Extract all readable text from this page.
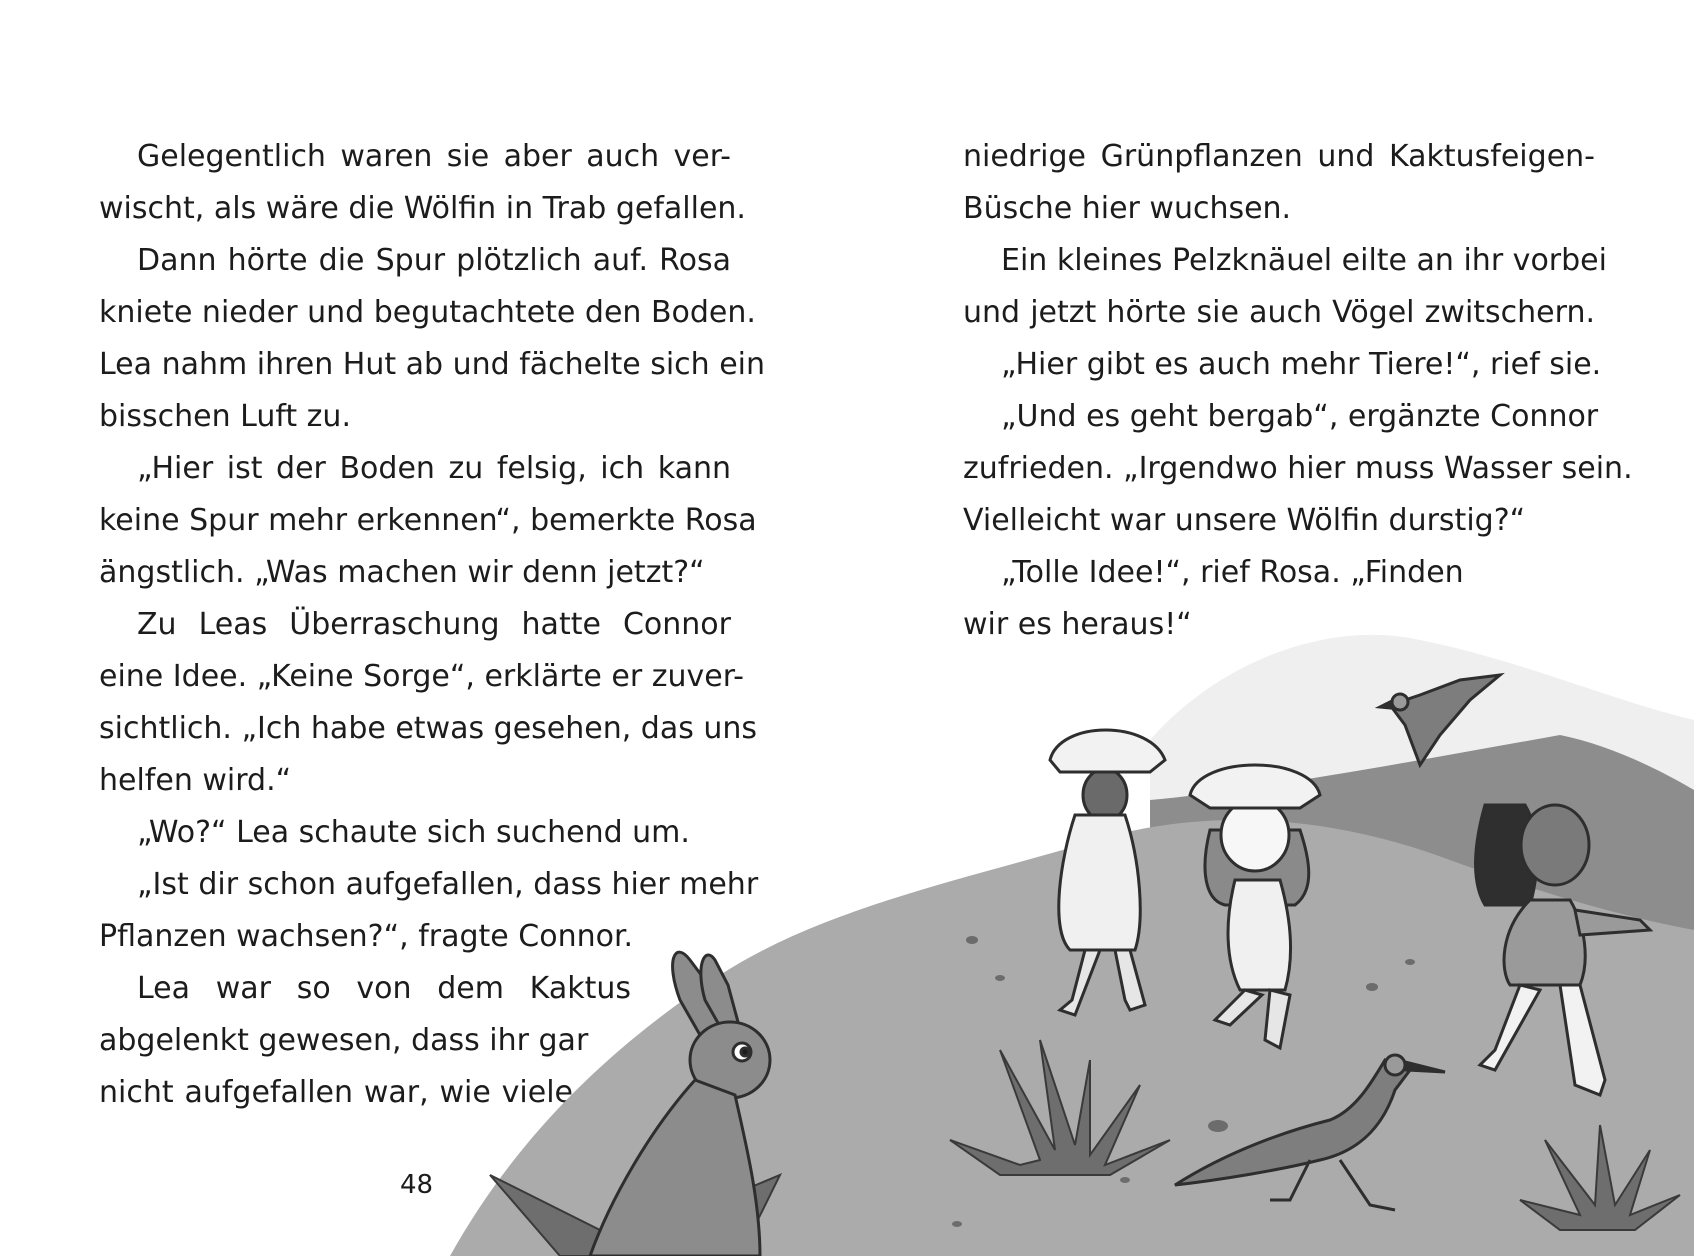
Gelegentlich waren sie aber auch ver-
wischt, als wäre die Wölfin in Trab gefallen.
Dann hörte die Spur plötzlich auf. Rosa
kniete nieder und begutachtete den Boden.
Lea nahm ihren Hut ab und fächelte sich ein
bisschen Luft zu.
„Hier ist der Boden zu felsig, ich kann
keine Spur mehr erkennen“, bemerkte Rosa
ängstlich. „Was machen wir denn jetzt?“
Zu Leas Überraschung hatte Connor
eine Idee. „Keine Sorge“, erklärte er zuver-
sichtlich. „Ich habe etwas gesehen, das uns
helfen wird.“
„Wo?“ Lea schaute sich suchend um.
„Ist dir schon aufgefallen, dass hier mehr
Pflanzen wachsen?“, fragte Connor.
Lea war so von dem Kaktus
abgelenkt gewesen, dass ihr gar
nicht aufgefallen war, wie viele
48
niedrige Grünpflanzen und Kaktusfeigen-
Büsche hier wuchsen.
Ein kleines Pelzknäuel eilte an ihr vorbei
und jetzt hörte sie auch Vögel zwitschern.
„Hier gibt es auch mehr Tiere!“, rief sie.
„Und es geht bergab“, ergänzte Connor
zufrieden. „Irgendwo hier muss Wasser sein.
Vielleicht war unsere Wölfin durstig?“
„Tolle Idee!“, rief Rosa. „Finden
wir es heraus!“
